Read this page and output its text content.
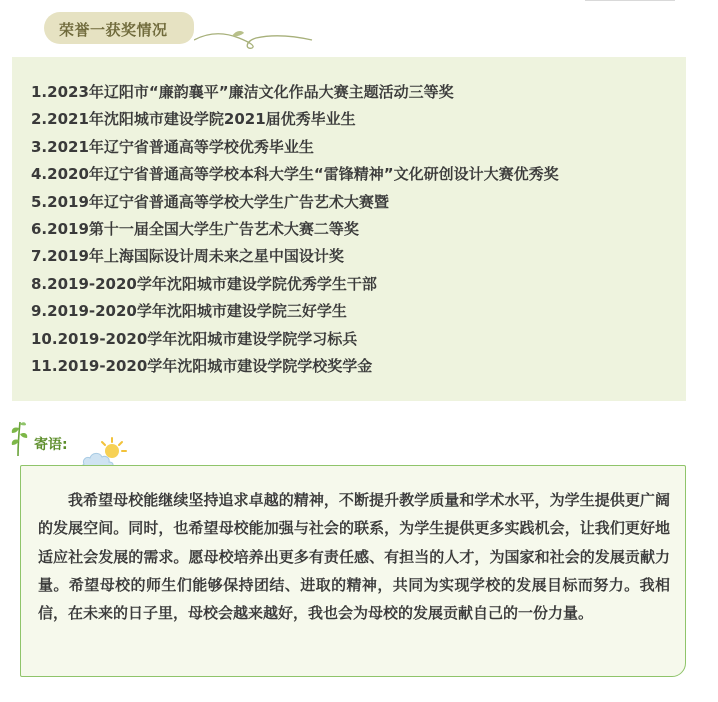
荣誉一获奖情况
1.2023年辽阳市“廉韵襄平”廉洁文化作品大赛主题活动三等奖
2.2021年沈阳城市建设学院2021届优秀毕业生
3.2021年辽宁省普通高等学校优秀毕业生
4.2020年辽宁省普通高等学校本科大学生“雷锋精神”文化研创设计大赛优秀奖
5.2019年辽宁省普通高等学校大学生广告艺术大赛暨
6.2019第十一届全国大学生广告艺术大赛二等奖
7.2019年上海国际设计周未来之星中国设计奖
8.2019-2020学年沈阳城市建设学院优秀学生干部
9.2019-2020学年沈阳城市建设学院三好学生
10.2019-2020学年沈阳城市建设学院学习标兵
11.2019-2020学年沈阳城市建设学院学校奖学金
寄语:

我希望母校能继续坚持追求卓越的精神，不断提升教学质量和学术水平，为学生提供更广阔的发展空间。同时，也希望母校能加强与社会的联系，为学生提供更多实践机会，让我们更好地适应社会发展的需求。愿母校培养出更多有责任感、有担当的人才，为国家和社会的发展贡献力量。希望母校的师生们能够保持团结、进取的精神，共同为实现学校的发展目标而努力。我相信，在未来的日子里，母校会越来越好，我也会为母校的发展贡献自己的一份力量。
